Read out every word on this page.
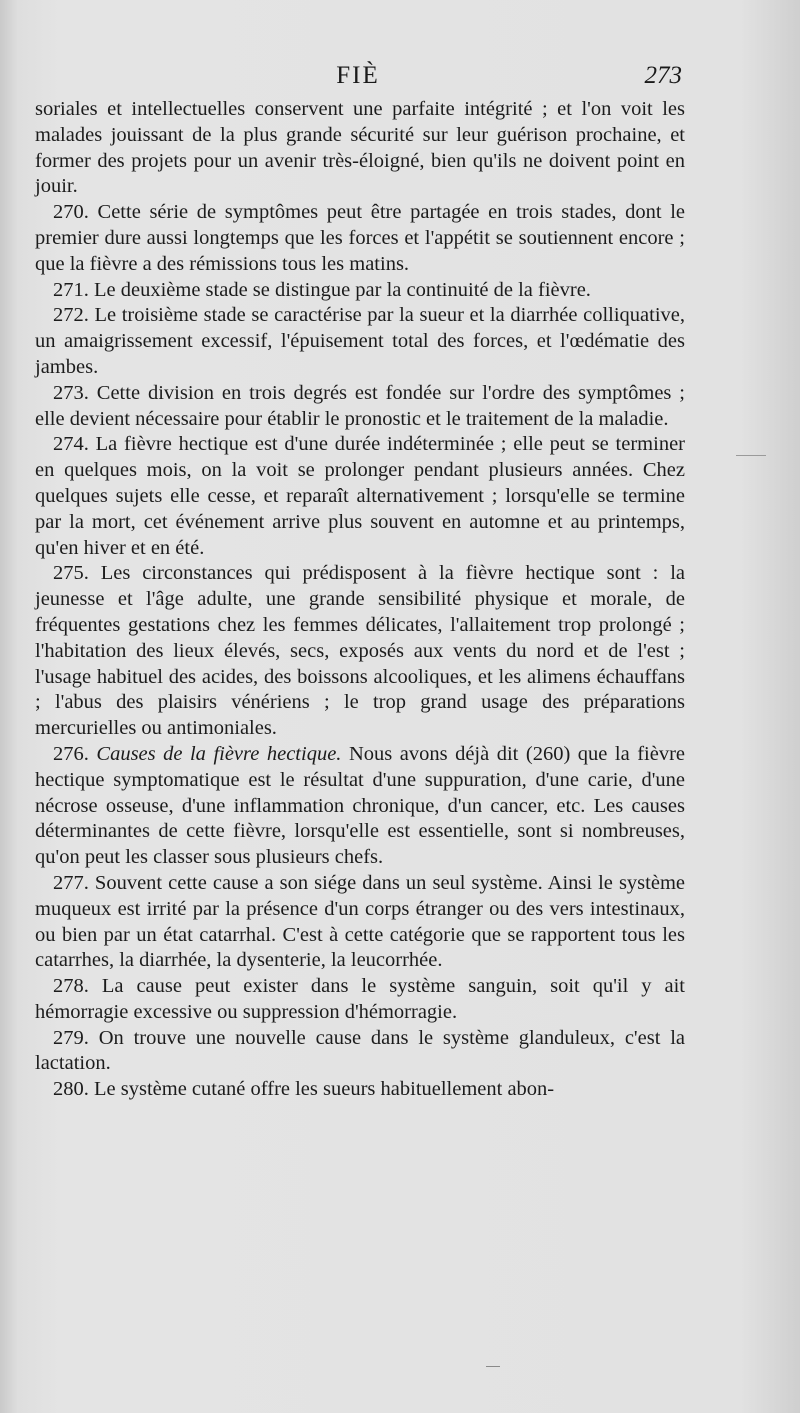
FIÈ	273

soriales et intellectuelles conservent une parfaite intégrité ; et l'on voit les malades jouissant de la plus grande sécurité sur leur guérison prochaine, et former des projets pour un avenir très-éloigné, bien qu'ils ne doivent point en jouir.

270. Cette série de symptômes peut être partagée en trois stades, dont le premier dure aussi longtemps que les forces et l'appétit se soutiennent encore ; que la fièvre a des rémissions tous les matins.

271. Le deuxième stade se distingue par la continuité de la fièvre.

272. Le troisième stade se caractérise par la sueur et la diarrhée colliquative, un amaigrissement excessif, l'épuisement total des forces, et l'œdématie des jambes.

273. Cette division en trois degrés est fondée sur l'ordre des symptômes ; elle devient nécessaire pour établir le pronostic et le traitement de la maladie.

274. La fièvre hectique est d'une durée indéterminée ; elle peut se terminer en quelques mois, on la voit se prolonger pendant plusieurs années. Chez quelques sujets elle cesse, et reparaît alternativement ; lorsqu'elle se termine par la mort, cet événement arrive plus souvent en automne et au printemps, qu'en hiver et en été.

275. Les circonstances qui prédisposent à la fièvre hectique sont : la jeunesse et l'âge adulte, une grande sensibilité physique et morale, de fréquentes gestations chez les femmes délicates, l'allaitement trop prolongé ; l'habitation des lieux élevés, secs, exposés aux vents du nord et de l'est ; l'usage habituel des acides, des boissons alcooliques, et les alimens échauffans ; l'abus des plaisirs vénériens ; le trop grand usage des préparations mercurielles ou antimoniales.

276. Causes de la fièvre hectique. Nous avons déjà dit (260) que la fièvre hectique symptomatique est le résultat d'une suppuration, d'une carie, d'une nécrose osseuse, d'une inflammation chronique, d'un cancer, etc. Les causes déterminantes de cette fièvre, lorsqu'elle est essentielle, sont si nombreuses, qu'on peut les classer sous plusieurs chefs.

277. Souvent cette cause a son siége dans un seul système. Ainsi le système muqueux est irrité par la présence d'un corps étranger ou des vers intestinaux, ou bien par un état catarrhal. C'est à cette catégorie que se rapportent tous les catarrhes, la diarrhée, la dysenterie, la leucorrhée.

278. La cause peut exister dans le système sanguin, soit qu'il y ait hémorragie excessive ou suppression d'hémorragie.

279. On trouve une nouvelle cause dans le système glanduleux, c'est la lactation.

280. Le système cutané offre les sueurs habituellement abon-
